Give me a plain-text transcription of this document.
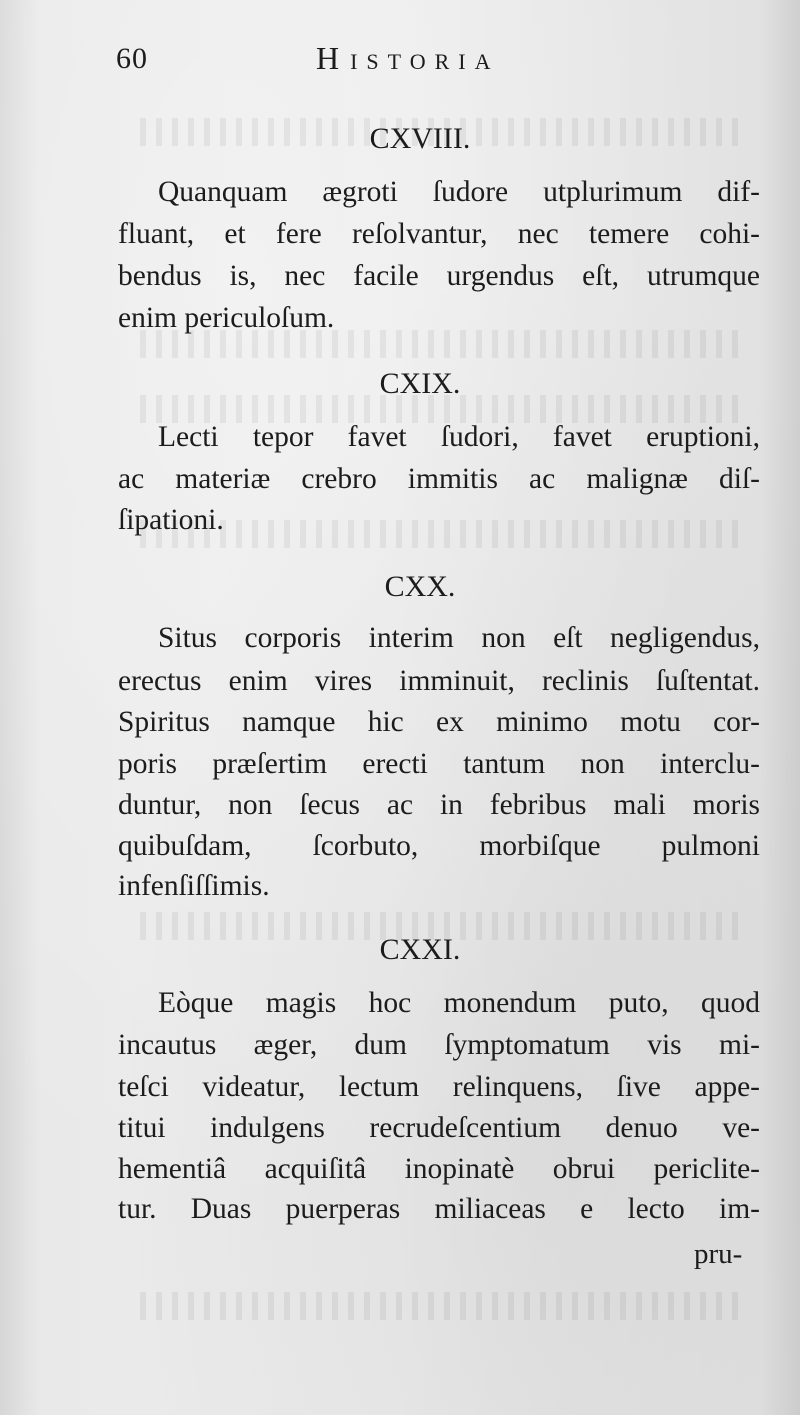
60	HISTORIA
CXVIII.
Quanquam ægroti ſudore utplurimum dif-
fluant, et fere reſolvantur, nec temere cohi-
bendus is, nec facile urgendus eſt, utrumque
enim periculoſum.
CXIX.
Lecti tepor favet ſudori, favet eruptioni,
ac materiæ crebro immitis ac malignæ diſ-
ſipationi.
CXX.
Situs corporis interim non eſt negligendus,
erectus enim vires imminuit, reclinis ſuſtentat.
Spiritus namque hic ex minimo motu cor-
poris præſertim erecti tantum non interclu-
duntur, non ſecus ac in febribus mali moris
quibuſdam, ſcorbuto, morbiſque pulmoni
infenſiſſimis.
CXXI.
Eòque magis hoc monendum puto, quod
incautus æger, dum ſymptomatum vis mi-
teſci videatur, lectum relinquens, ſive appe-
titui indulgens recrudeſcentium denuo ve-
hementiâ acquiſitâ inopinatè obrui periclite-
tur. Duas puerperas miliaceas e lecto im-
pru-
